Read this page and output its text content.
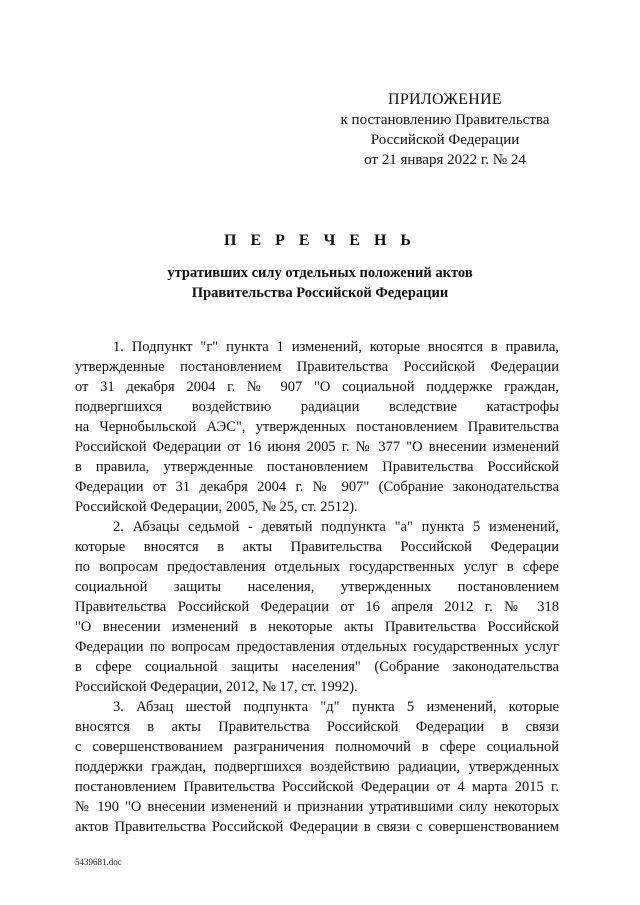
ПРИЛОЖЕНИЕ
к постановлению Правительства
Российской Федерации
от 21 января 2022 г. № 24
П Е Р Е Ч Е Н Ь
утративших силу отдельных положений актов
Правительства Российской Федерации

1. Подпункт "г" пункта 1 изменений, которые вносятся в правила,
утвержденные постановлением Правительства Российской Федерации
от 31 декабря 2004 г. № 907 "О социальной поддержке граждан,
подвергшихся воздействию радиации вследствие катастрофы
на Чернобыльской АЭС", утвержденных постановлением Правительства
Российской Федерации от 16 июня 2005 г. № 377 "О внесении изменений
в правила, утвержденные постановлением Правительства Российской
Федерации от 31 декабря 2004 г. № 907" (Собрание законодательства
Российской Федерации, 2005, № 25, ст. 2512).

2. Абзацы седьмой - девятый подпункта "а" пункта 5 изменений,
которые вносятся в акты Правительства Российской Федерации
по вопросам предоставления отдельных государственных услуг в сфере
социальной защиты населения, утвержденных постановлением
Правительства Российской Федерации от 16 апреля 2012 г. № 318
"О внесении изменений в некоторые акты Правительства Российской
Федерации по вопросам предоставления отдельных государственных услуг
в сфере социальной защиты населения" (Собрание законодательства
Российской Федерации, 2012, № 17, ст. 1992).

3. Абзац шестой подпункта "д" пункта 5 изменений, которые
вносятся в акты Правительства Российской Федерации в связи
с совершенствованием разграничения полномочий в сфере социальной
поддержки граждан, подвергшихся воздействию радиации, утвержденных
постановлением Правительства Российской Федерации от 4 марта 2015 г.
№ 190 "О внесении изменений и признании утратившими силу некоторых
актов Правительства Российской Федерации в связи с совершенствованием

5439681.doc
